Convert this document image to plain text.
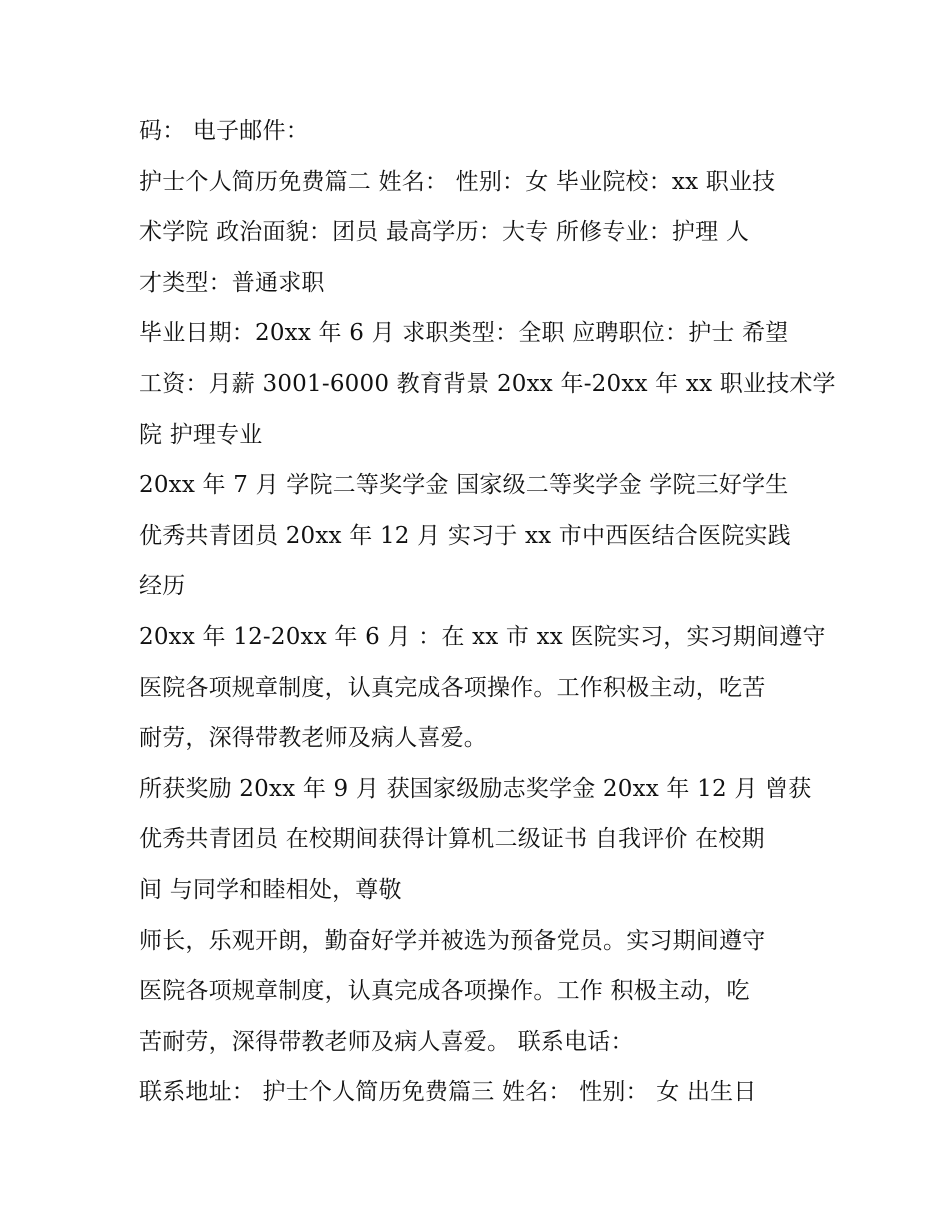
码： 电子邮件：
护士个人简历免费篇二 姓名： 性别：女 毕业院校：xx 职业技
术学院 政治面貌：团员 最高学历：大专 所修专业：护理 人
才类型：普通求职
毕业日期：20xx 年 6 月 求职类型：全职 应聘职位：护士 希望
工资：月薪 3001-6000 教育背景 20xx 年-20xx 年 xx 职业技术学
院 护理专业
20xx 年 7 月 学院二等奖学金 国家级二等奖学金 学院三好学生
优秀共青团员 20xx 年 12 月 实习于 xx 市中西医结合医院实践
经历
20xx 年 12-20xx 年 6 月 ：在 xx 市 xx 医院实习，实习期间遵守
医院各项规章制度，认真完成各项操作。工作积极主动，吃苦
耐劳，深得带教老师及病人喜爱。
所获奖励 20xx 年 9 月 获国家级励志奖学金 20xx 年 12 月 曾获
优秀共青团员 在校期间获得计算机二级证书 自我评价 在校期
间 与同学和睦相处，尊敬
师长，乐观开朗，勤奋好学并被选为预备党员。实习期间遵守
医院各项规章制度，认真完成各项操作。工作 积极主动，吃
苦耐劳，深得带教老师及病人喜爱。 联系电话：
联系地址： 护士个人简历免费篇三 姓名： 性别： 女 出生日
